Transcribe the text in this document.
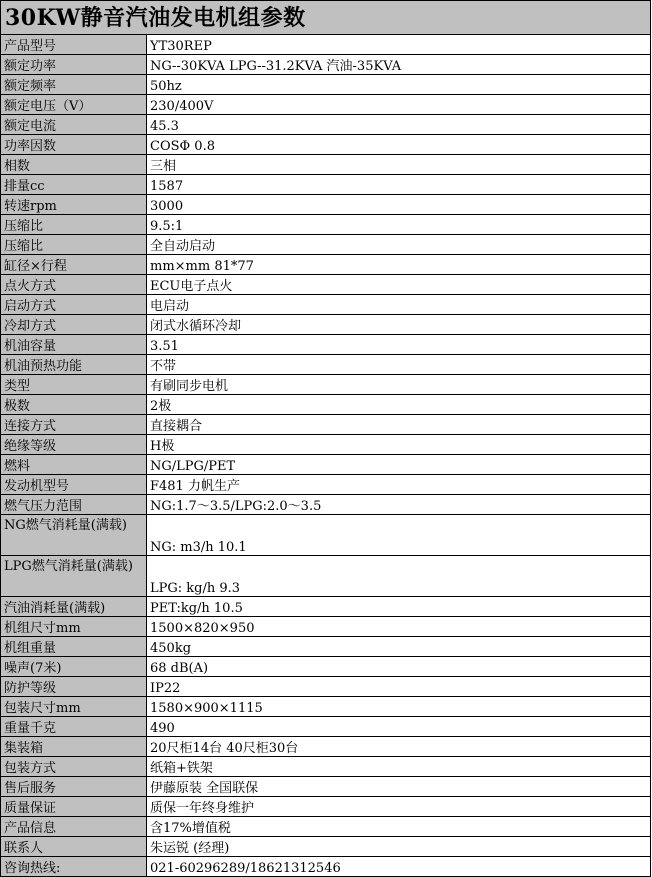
30KW静音汽油发电机组参数	
产品型号	YT30REP
额定功率	NG--30KVA LPG--31.2KVA 汽油-35KVA
额定频率	50hz
额定电压（V）	230/400V
额定电流	45.3
功率因数	COSΦ 0.8
相数	三相
排量cc	1587
转速rpm	3000
压缩比	9.5:1
压缩比	全自动启动
缸径×行程	mm×mm 81*77
点火方式	ECU电子点火
启动方式	电启动
冷却方式	闭式水循环冷却
机油容量	3.51
机油预热功能	不带
类型	有刷同步电机
极数	2极
连接方式	直接耦合
绝缘等级	H极
燃料	NG/LPG/PET
发动机型号	F481 力帆生产
燃气压力范围	NG:1.7～3.5/LPG:2.0～3.5
NG燃气消耗量(满载)	NG: m3/h 10.1
LPG燃气消耗量(满载)	LPG: kg/h 9.3
汽油消耗量(满载)	PET:kg/h 10.5
机组尺寸mm	1500×820×950
机组重量	450kg
噪声(7米)	68 dB(A)
防护等级	IP22
包装尺寸mm	1580×900×1115
重量千克	490
集装箱	20尺柜14台 40尺柜30台
包装方式	纸箱+铁架
售后服务	伊藤原装 全国联保
质量保证	质保一年终身维护
产品信息	含17%增值税
联系人	朱运锐 (经理)
咨询热线:	021-60296289/18621312546
